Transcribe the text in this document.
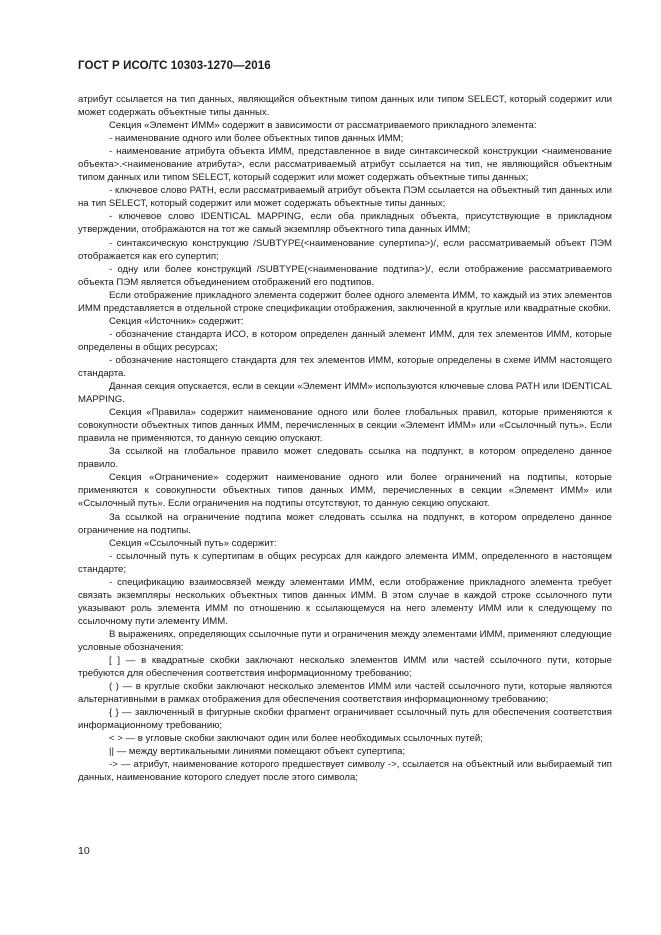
ГОСТ Р ИСО/ТС 10303-1270—2016

атрибут ссылается на тип данных, являющийся объектным типом данных или типом SELECT, который содержит или может содержать объектные типы данных.

Секция «Элемент ИММ» содержит в зависимости от рассматриваемого прикладного элемента:

- наименование одного или более объектных типов данных ИММ;

- наименование атрибута объекта ИММ, представленное в виде синтаксической конструкции <наименование объекта>.<наименование атрибута>, если рассматриваемый атрибут ссылается на тип, не являющийся объектным типом данных или типом SELECT, который содержит или может содержать объектные типы данных;

- ключевое слово PATH, если рассматриваемый атрибут объекта ПЭМ ссылается на объектный тип данных или на тип SELECT, который содержит или может содержать объектные типы данных;

- ключевое слово IDENTICAL MAPPING, если оба прикладных объекта, присутствующие в прикладном утверждении, отображаются на тот же самый экземпляр объектного типа данных ИММ;

- синтаксическую конструкцию /SUBTYPE(<наименование супертипа>)/, если рассматриваемый объект ПЭМ отображается как его супертип;

- одну или более конструкций /SUBTYPE(<наименование подтипа>)/, если отображение рассматриваемого объекта ПЭМ является объединением отображений его подтипов.

Если отображение прикладного элемента содержит более одного элемента ИММ, то каждый из этих элементов ИММ представляется в отдельной строке спецификации отображения, заключенной в круглые или квадратные скобки.

Секция «Источник» содержит:

- обозначение стандарта ИСО, в котором определен данный элемент ИММ, для тех элементов ИММ, которые определены в общих ресурсах;

- обозначение настоящего стандарта для тех элементов ИММ, которые определены в схеме ИММ настоящего стандарта.

Данная секция опускается, если в секции «Элемент ИММ» используются ключевые слова PATH или IDENTICAL MAPPING.

Секция «Правила» содержит наименование одного или более глобальных правил, которые применяются к совокупности объектных типов данных ИММ, перечисленных в секции «Элемент ИММ» или «Ссылочный путь». Если правила не применяются, то данную секцию опускают.

За ссылкой на глобальное правило может следовать ссылка на подпункт, в котором определено данное правило.

Секция «Ограничение» содержит наименование одного или более ограничений на подтипы, которые применяются к совокупности объектных типов данных ИММ, перечисленных в секции «Элемент ИММ» или «Ссылочный путь». Если ограничения на подтипы отсутствуют, то данную секцию опускают.

За ссылкой на ограничение подтипа может следовать ссылка на подпункт, в котором определено данное ограничение на подтипы.

Секция «Ссылочный путь» содержит:

- ссылочный путь к супертипам в общих ресурсах для каждого элемента ИММ, определенного в настоящем стандарте;

- спецификацию взаимосвязей между элементами ИММ, если отображение прикладного элемента требует связать экземпляры нескольких объектных типов данных ИММ. В этом случае в каждой строке ссылочного пути указывают роль элемента ИММ по отношению к ссылающемуся на него элементу ИММ или к следующему по ссылочному пути элементу ИММ.

В выражениях, определяющих ссылочные пути и ограничения между элементами ИММ, применяют следующие условные обозначения:

[ ] — в квадратные скобки заключают несколько элементов ИММ или частей ссылочного пути, которые требуются для обеспечения соответствия информационному требованию;

( ) — в круглые скобки заключают несколько элементов ИММ или частей ссылочного пути, которые являются альтернативными в рамках отображения для обеспечения соответствия информационному требованию;

{ } — заключенный в фигурные скобки фрагмент ограничивает ссылочный путь для обеспечения соответствия информационному требованию;

< > — в угловые скобки заключают один или более необходимых ссылочных путей;

|| — между вертикальными линиями помещают объект супертипа;

-> — атрибут, наименование которого предшествует символу ->, ссылается на объектный или выбираемый тип данных, наименование которого следует после этого символа;

10
